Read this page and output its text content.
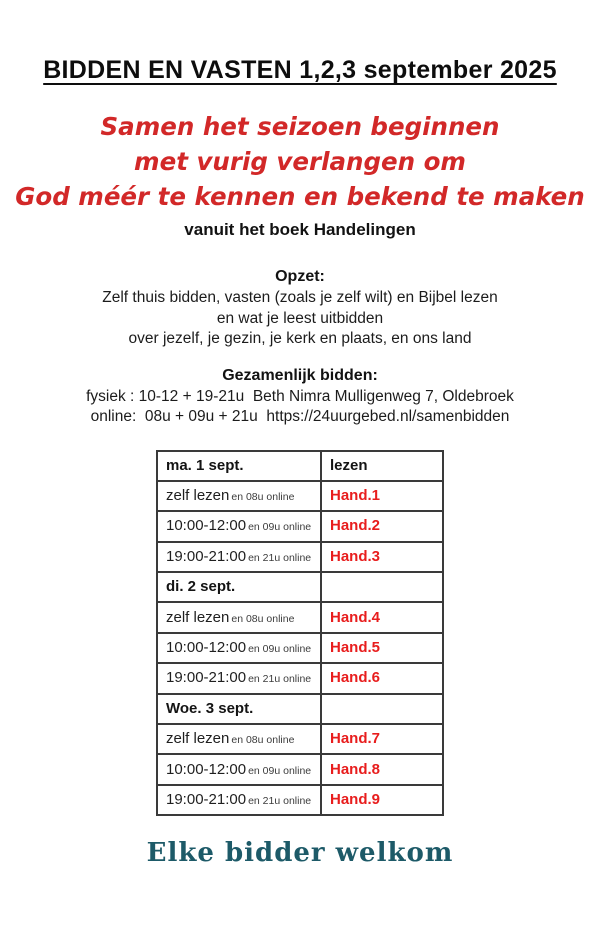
BIDDEN EN VASTEN 1,2,3 september 2025
Samen het seizoen beginnen
met vurig verlangen om
God méér te kennen en bekend te maken
vanuit het boek Handelingen
Opzet:
Zelf thuis bidden, vasten (zoals je zelf wilt) en Bijbel lezen
en wat je leest uitbidden
over jezelf, je gezin, je kerk en plaats, en ons land
Gezamenlijk bidden:
fysiek : 10-12 + 19-21u  Beth Nimra Mulligenweg 7, Oldebroek
online:  08u + 09u + 21u  https://24uurgebed.nl/samenbidden
ma. 1 sept.	lezen
zelf lezen en 08u online	Hand.1
10:00-12:00 en 09u online	Hand.2
19:00-21:00 en 21u online	Hand.3
di. 2 sept.	
zelf lezen en 08u online	Hand.4
10:00-12:00 en 09u online	Hand.5
19:00-21:00 en 21u online	Hand.6
Woe. 3 sept.	
zelf lezen en 08u online	Hand.7
10:00-12:00 en 09u online	Hand.8
19:00-21:00 en 21u online	Hand.9
Elke bidder welkom
